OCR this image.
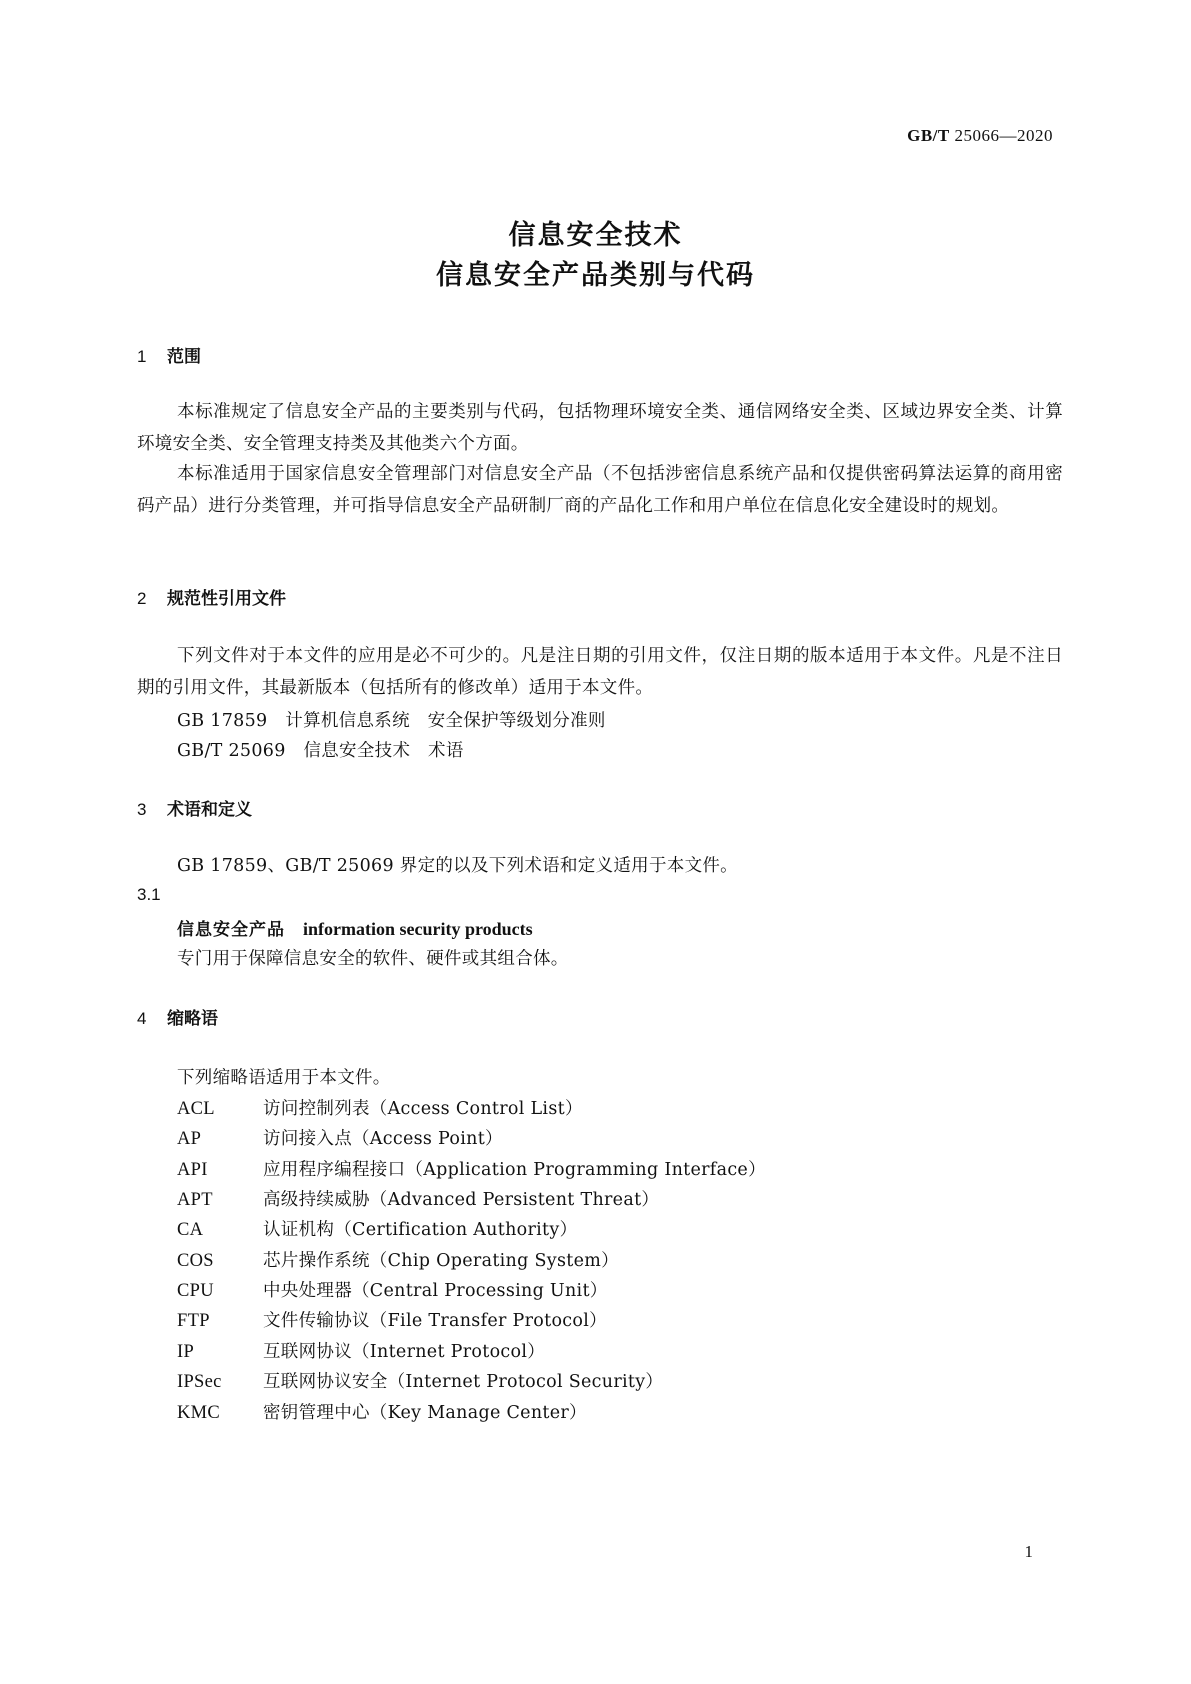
GB/T 25066—2020
信息安全技术
信息安全产品类别与代码
1 范围
本标准规定了信息安全产品的主要类别与代码，包括物理环境安全类、通信网络安全类、区域边界安全类、计算环境安全类、安全管理支持类及其他类六个方面。
本标准适用于国家信息安全管理部门对信息安全产品（不包括涉密信息系统产品和仅提供密码算法运算的商用密码产品）进行分类管理，并可指导信息安全产品研制厂商的产品化工作和用户单位在信息化安全建设时的规划。
2 规范性引用文件
下列文件对于本文件的应用是必不可少的。凡是注日期的引用文件，仅注日期的版本适用于本文件。凡是不注日期的引用文件，其最新版本（包括所有的修改单）适用于本文件。
GB 17859　计算机信息系统　安全保护等级划分准则
GB/T 25069　信息安全技术　术语
3 术语和定义
GB 17859、GB/T 25069 界定的以及下列术语和定义适用于本文件。
3.1
信息安全产品 information security products
专门用于保障信息安全的软件、硬件或其组合体。
4 缩略语
下列缩略语适用于本文件。
ACL	访问控制列表（Access Control List）
AP	访问接入点（Access Point）
API	应用程序编程接口（Application Programming Interface）
APT	高级持续威胁（Advanced Persistent Threat）
CA	认证机构（Certification Authority）
COS	芯片操作系统（Chip Operating System）
CPU	中央处理器（Central Processing Unit）
FTP	文件传输协议（File Transfer Protocol）
IP	互联网协议（Internet Protocol）
IPSec 互联网协议安全（Internet Protocol Security）
KMC 密钥管理中心（Key Manage Center）
1
